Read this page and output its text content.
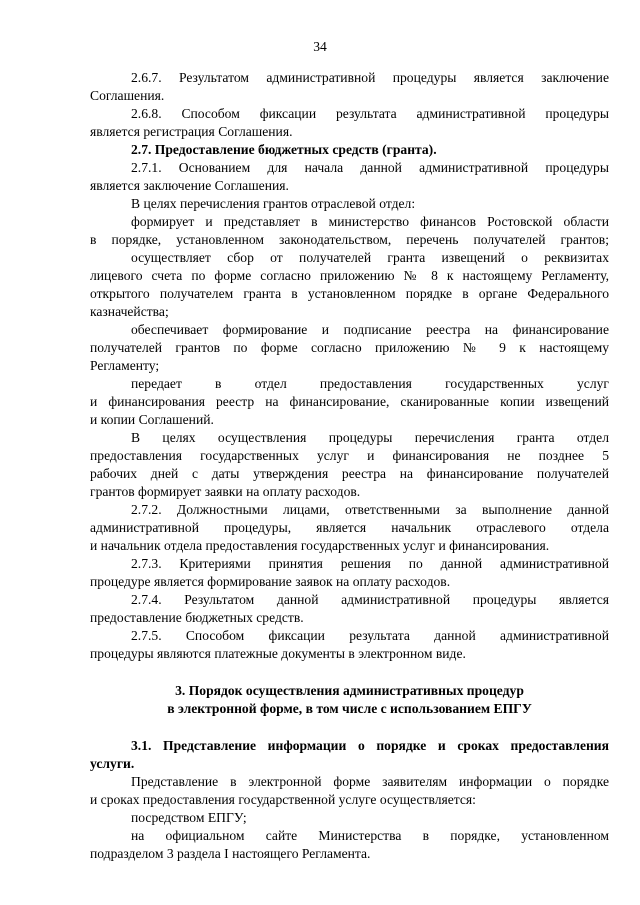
34
2.6.7. Результатом административной процедуры является заключение
Соглашения.
2.6.8. Способом фиксации результата административной процедуры
является регистрация Соглашения.
2.7. Предоставление бюджетных средств (гранта).
2.7.1. Основанием для начала данной административной процедуры
является заключение Соглашения.
В целях перечисления грантов отраслевой отдел:
формирует и представляет в министерство финансов Ростовской области
в порядке, установленном законодательством, перечень получателей грантов;
осуществляет сбор от получателей гранта извещений о реквизитах
лицевого счета по форме согласно приложению № 8 к настоящему Регламенту,
открытого получателем гранта в установленном порядке в органе Федерального
казначейства;
обеспечивает формирование и подписание реестра на финансирование
получателей грантов по форме согласно приложению № 9 к настоящему
Регламенту;
передает в отдел предоставления государственных услуг
и финансирования реестр на финансирование, сканированные копии извещений
и копии Соглашений.
В целях осуществления процедуры перечисления гранта отдел
предоставления государственных услуг и финансирования не позднее 5
рабочих дней с даты утверждения реестра на финансирование получателей
грантов формирует заявки на оплату расходов.
2.7.2. Должностными лицами, ответственными за выполнение данной
административной процедуры, является начальник отраслевого отдела
и начальник отдела предоставления государственных услуг и финансирования.
2.7.3. Критериями принятия решения по данной административной
процедуре является формирование заявок на оплату расходов.
2.7.4. Результатом данной административной процедуры является
предоставление бюджетных средств.
2.7.5. Способом фиксации результата данной административной
процедуры являются платежные документы в электронном виде.
3. Порядок осуществления административных процедур
в электронной форме, в том числе с использованием ЕПГУ
3.1. Представление информации о порядке и сроках предоставления
услуги.
Представление в электронной форме заявителям информации о порядке
и сроках предоставления государственной услуге осуществляется:
посредством ЕПГУ;
на официальном сайте Министерства в порядке, установленном
подразделом 3 раздела I настоящего Регламента.
